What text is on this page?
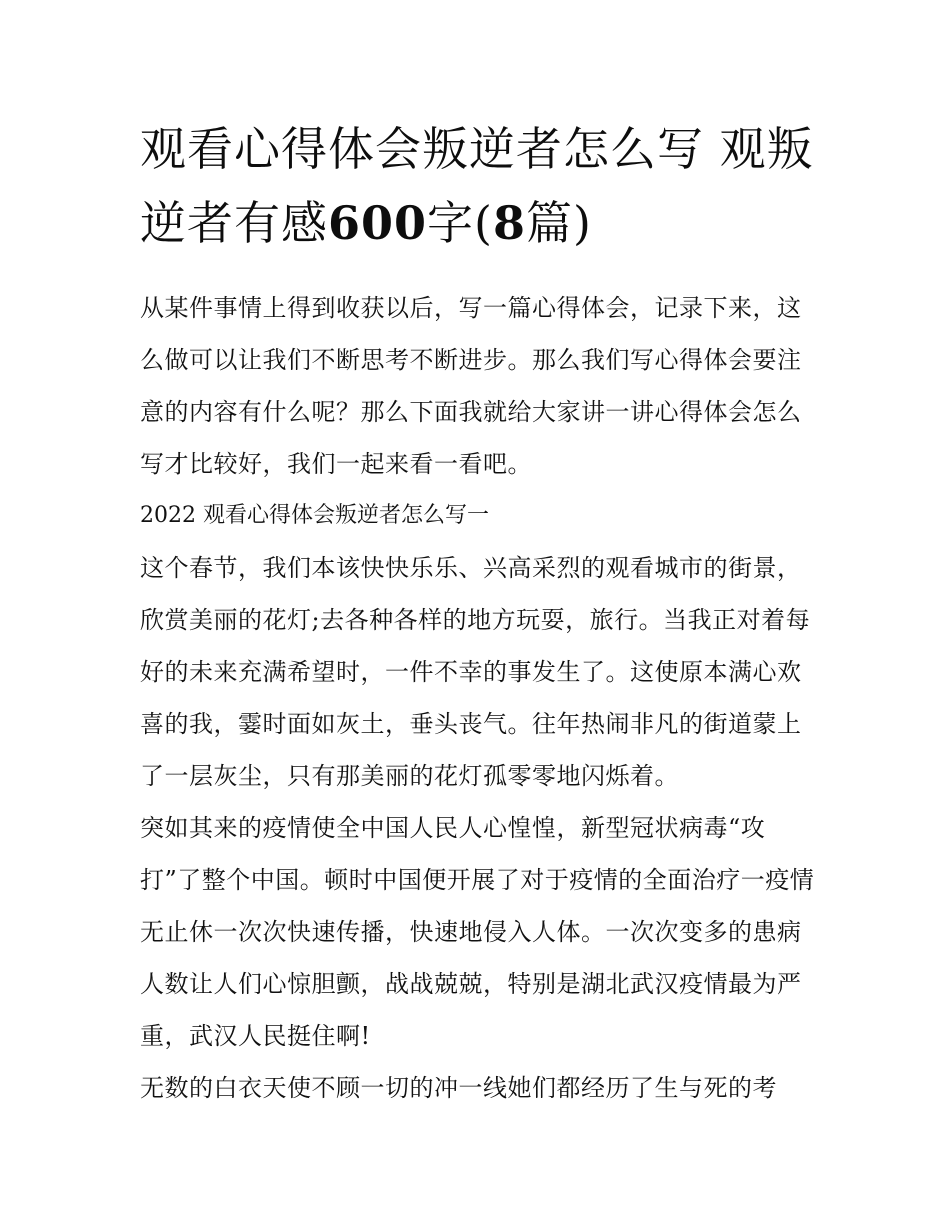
观看心得体会叛逆者怎么写 观叛逆者有感600字(8篇)

从某件事情上得到收获以后，写一篇心得体会，记录下来，这么做可以让我们不断思考不断进步。那么我们写心得体会要注意的内容有什么呢？那么下面我就给大家讲一讲心得体会怎么写才比较好，我们一起来看一看吧。

2022 观看心得体会叛逆者怎么写一

这个春节，我们本该快快乐乐、兴高采烈的观看城市的街景，欣赏美丽的花灯;去各种各样的地方玩耍，旅行。当我正对着每好的未来充满希望时，一件不幸的事发生了。这使原本满心欢喜的我，霎时面如灰土，垂头丧气。往年热闹非凡的街道蒙上了一层灰尘，只有那美丽的花灯孤零零地闪烁着。

突如其来的疫情使全中国人民人心惶惶，新型冠状病毒“攻打”了整个中国。顿时中国便开展了对于疫情的全面治疗一疫情无止休一次次快速传播，快速地侵入人体。一次次变多的患病人数让人们心惊胆颤，战战兢兢，特别是湖北武汉疫情最为严重，武汉人民挺住啊!

无数的白衣天使不顾一切的冲一线她们都经历了生与死的考
